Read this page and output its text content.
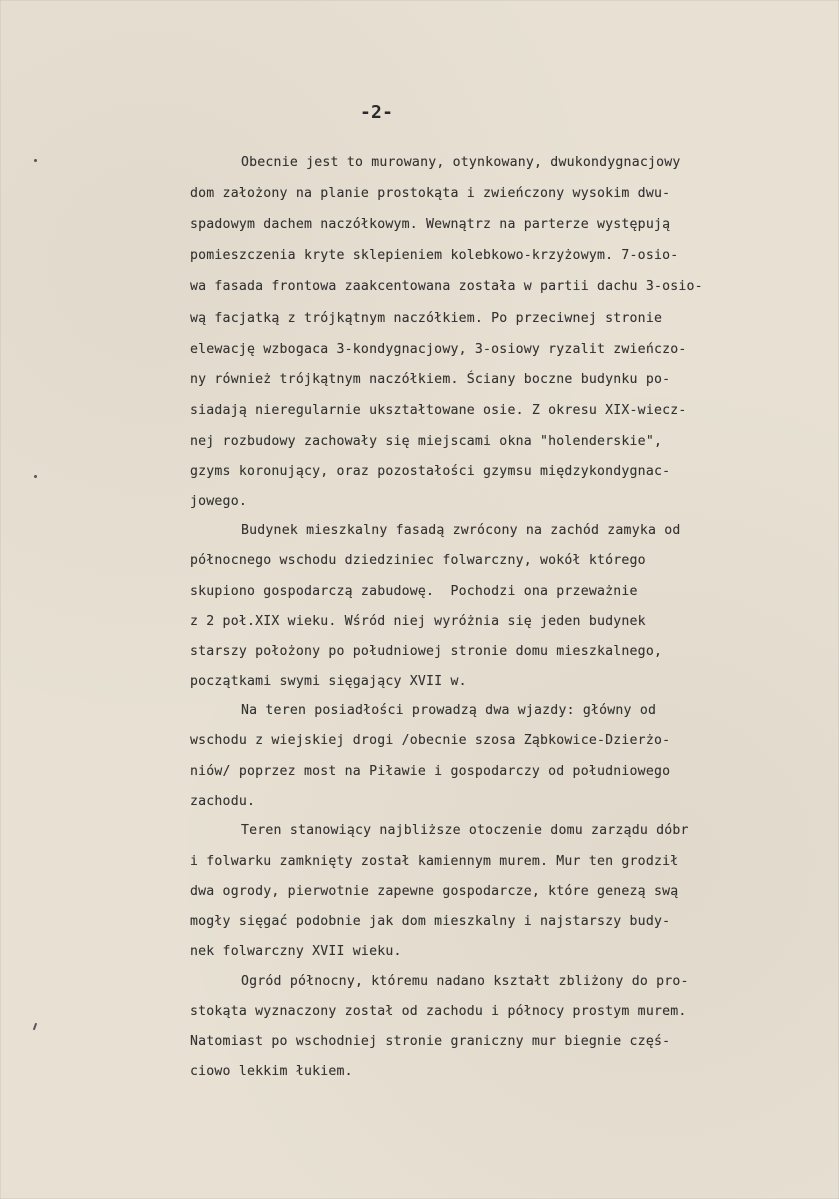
-2-
Obecnie jest to murowany, otynkowany, dwukondygnacjowy
dom założony na planie prostokąta i zwieńczony wysokim dwu-
spadowym dachem naczółkowym. Wewnątrz na parterze występują
pomieszczenia kryte sklepieniem kolebkowo-krzyżowym. 7-osio-
wa fasada frontowa zaakcentowana została w partii dachu 3-osio-
wą facjatką z trójkątnym naczółkiem. Po przeciwnej stronie
elewację wzbogaca 3-kondygnacjowy, 3-osiowy ryzalit zwieńczo-
ny również trójkątnym naczółkiem. Ściany boczne budynku po-
siadają nieregularnie ukształtowane osie. Z okresu XIX-wiecz-
nej rozbudowy zachowały się miejscami okna "holenderskie",
gzyms koronujący, oraz pozostałości gzymsu międzykondygnac-
jowego.
Budynek mieszkalny fasadą zwrócony na zachód zamyka od
północnego wschodu dziedziniec folwarczny, wokół którego
skupiono gospodarczą zabudowę.  Pochodzi ona przeważnie
z 2 poł.XIX wieku. Wśród niej wyróżnia się jeden budynek
starszy położony po południowej stronie domu mieszkalnego,
początkami swymi sięgający XVII w.
Na teren posiadłości prowadzą dwa wjazdy: główny od
wschodu z wiejskiej drogi /obecnie szosa Ząbkowice-Dzierżo-
niów/ poprzez most na Piławie i gospodarczy od południowego
zachodu.
Teren stanowiący najbliższe otoczenie domu zarządu dóbr
i folwarku zamknięty został kamiennym murem. Mur ten grodził
dwa ogrody, pierwotnie zapewne gospodarcze, które genezą swą
mogły sięgać podobnie jak dom mieszkalny i najstarszy budy-
nek folwarczny XVII wieku.
Ogród północny, któremu nadano kształt zbliżony do pro-
stokąta wyznaczony został od zachodu i północy prostym murem.
Natomiast po wschodniej stronie graniczny mur biegnie częś-
ciowo lekkim łukiem.
